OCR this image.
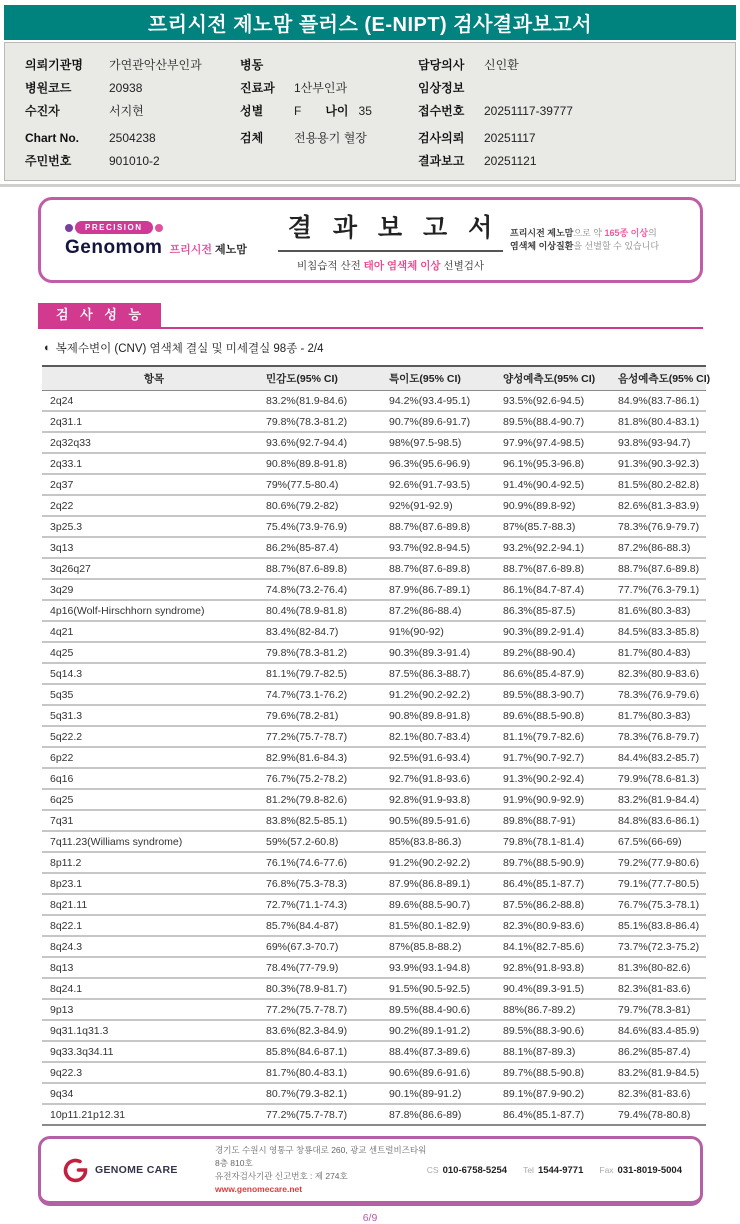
프리시전 제노맘 플러스 (E-NIPT) 검사결과보고서
의뢰기관명	가연관악산부인과
병원코드	20938
수진자	서지현
Chart No.	2504238
주민번호	901010-2
병동
진료과	1산부인과
성별	F 나이 35
검체	전용용기 혈장
담당의사	신인환
임상정보
접수번호	20251117-39777
검사의뢰	20251117
결과보고	20251121
PRECISION
Genomom 프리시전 제노맘
결 과 보 고 서
비침습적 산전 태아 염색체 이상 선별검사
프리시전 제노맘으로 약 165종 이상의
염색체 이상질환을 선별할 수 있습니다
검 사 성 능
◐ 복제수변이 (CNV) 염색체 결실 및 미세결실 98종 - 2/4
항목	민감도(95% CI)	특이도(95% CI)	양성예측도(95% CI)	음성예측도(95% CI)
2q24	83.2%(81.9-84.6)	94.2%(93.4-95.1)	93.5%(92.6-94.5)	84.9%(83.7-86.1)
2q31.1	79.8%(78.3-81.2)	90.7%(89.6-91.7)	89.5%(88.4-90.7)	81.8%(80.4-83.1)
2q32q33	93.6%(92.7-94.4)	98%(97.5-98.5)	97.9%(97.4-98.5)	93.8%(93-94.7)
2q33.1	90.8%(89.8-91.8)	96.3%(95.6-96.9)	96.1%(95.3-96.8)	91.3%(90.3-92.3)
2q37	79%(77.5-80.4)	92.6%(91.7-93.5)	91.4%(90.4-92.5)	81.5%(80.2-82.8)
2q22	80.6%(79.2-82)	92%(91-92.9)	90.9%(89.8-92)	82.6%(81.3-83.9)
3p25.3	75.4%(73.9-76.9)	88.7%(87.6-89.8)	87%(85.7-88.3)	78.3%(76.9-79.7)
3q13	86.2%(85-87.4)	93.7%(92.8-94.5)	93.2%(92.2-94.1)	87.2%(86-88.3)
3q26q27	88.7%(87.6-89.8)	88.7%(87.6-89.8)	88.7%(87.6-89.8)	88.7%(87.6-89.8)
3q29	74.8%(73.2-76.4)	87.9%(86.7-89.1)	86.1%(84.7-87.4)	77.7%(76.3-79.1)
4p16(Wolf-Hirschhorn syndrome)	80.4%(78.9-81.8)	87.2%(86-88.4)	86.3%(85-87.5)	81.6%(80.3-83)
4q21	83.4%(82-84.7)	91%(90-92)	90.3%(89.2-91.4)	84.5%(83.3-85.8)
4q25	79.8%(78.3-81.2)	90.3%(89.3-91.4)	89.2%(88-90.4)	81.7%(80.4-83)
5q14.3	81.1%(79.7-82.5)	87.5%(86.3-88.7)	86.6%(85.4-87.9)	82.3%(80.9-83.6)
5q35	74.7%(73.1-76.2)	91.2%(90.2-92.2)	89.5%(88.3-90.7)	78.3%(76.9-79.6)
5q31.3	79.6%(78.2-81)	90.8%(89.8-91.8)	89.6%(88.5-90.8)	81.7%(80.3-83)
5q22.2	77.2%(75.7-78.7)	82.1%(80.7-83.4)	81.1%(79.7-82.6)	78.3%(76.8-79.7)
6p22	82.9%(81.6-84.3)	92.5%(91.6-93.4)	91.7%(90.7-92.7)	84.4%(83.2-85.7)
6q16	76.7%(75.2-78.2)	92.7%(91.8-93.6)	91.3%(90.2-92.4)	79.9%(78.6-81.3)
6q25	81.2%(79.8-82.6)	92.8%(91.9-93.8)	91.9%(90.9-92.9)	83.2%(81.9-84.4)
7q31	83.8%(82.5-85.1)	90.5%(89.5-91.6)	89.8%(88.7-91)	84.8%(83.6-86.1)
7q11.23(Williams syndrome)	59%(57.2-60.8)	85%(83.8-86.3)	79.8%(78.1-81.4)	67.5%(66-69)
8p11.2	76.1%(74.6-77.6)	91.2%(90.2-92.2)	89.7%(88.5-90.9)	79.2%(77.9-80.6)
8p23.1	76.8%(75.3-78.3)	87.9%(86.8-89.1)	86.4%(85.1-87.7)	79.1%(77.7-80.5)
8q21.11	72.7%(71.1-74.3)	89.6%(88.5-90.7)	87.5%(86.2-88.8)	76.7%(75.3-78.1)
8q22.1	85.7%(84.4-87)	81.5%(80.1-82.9)	82.3%(80.9-83.6)	85.1%(83.8-86.4)
8q24.3	69%(67.3-70.7)	87%(85.8-88.2)	84.1%(82.7-85.6)	73.7%(72.3-75.2)
8q13	78.4%(77-79.9)	93.9%(93.1-94.8)	92.8%(91.8-93.8)	81.3%(80-82.6)
8q24.1	80.3%(78.9-81.7)	91.5%(90.5-92.5)	90.4%(89.3-91.5)	82.3%(81-83.6)
9p13	77.2%(75.7-78.7)	89.5%(88.4-90.6)	88%(86.7-89.2)	79.7%(78.3-81)
9q31.1q31.3	83.6%(82.3-84.9)	90.2%(89.1-91.2)	89.5%(88.3-90.6)	84.6%(83.4-85.9)
9q33.3q34.11	85.8%(84.6-87.1)	88.4%(87.3-89.6)	88.1%(87-89.3)	86.2%(85-87.4)
9q22.3	81.7%(80.4-83.1)	90.6%(89.6-91.6)	89.7%(88.5-90.8)	83.2%(81.9-84.5)
9q34	80.7%(79.3-82.1)	90.1%(89-91.2)	89.1%(87.9-90.2)	82.3%(81-83.6)
10p11.21p12.31	77.2%(75.7-78.7)	87.8%(86.6-89)	86.4%(85.1-87.7)	79.4%(78-80.8)
GENOME CARE
경기도 수원시 영통구 창룡대로 260, 광교 센트럴비즈타워 8층 810호
유전자검사기관 신고번호 : 제 274호
www.genomecare.net
CS 010-6758-5254 Tel 1544-9771 Fax 031-8019-5004
6/9
